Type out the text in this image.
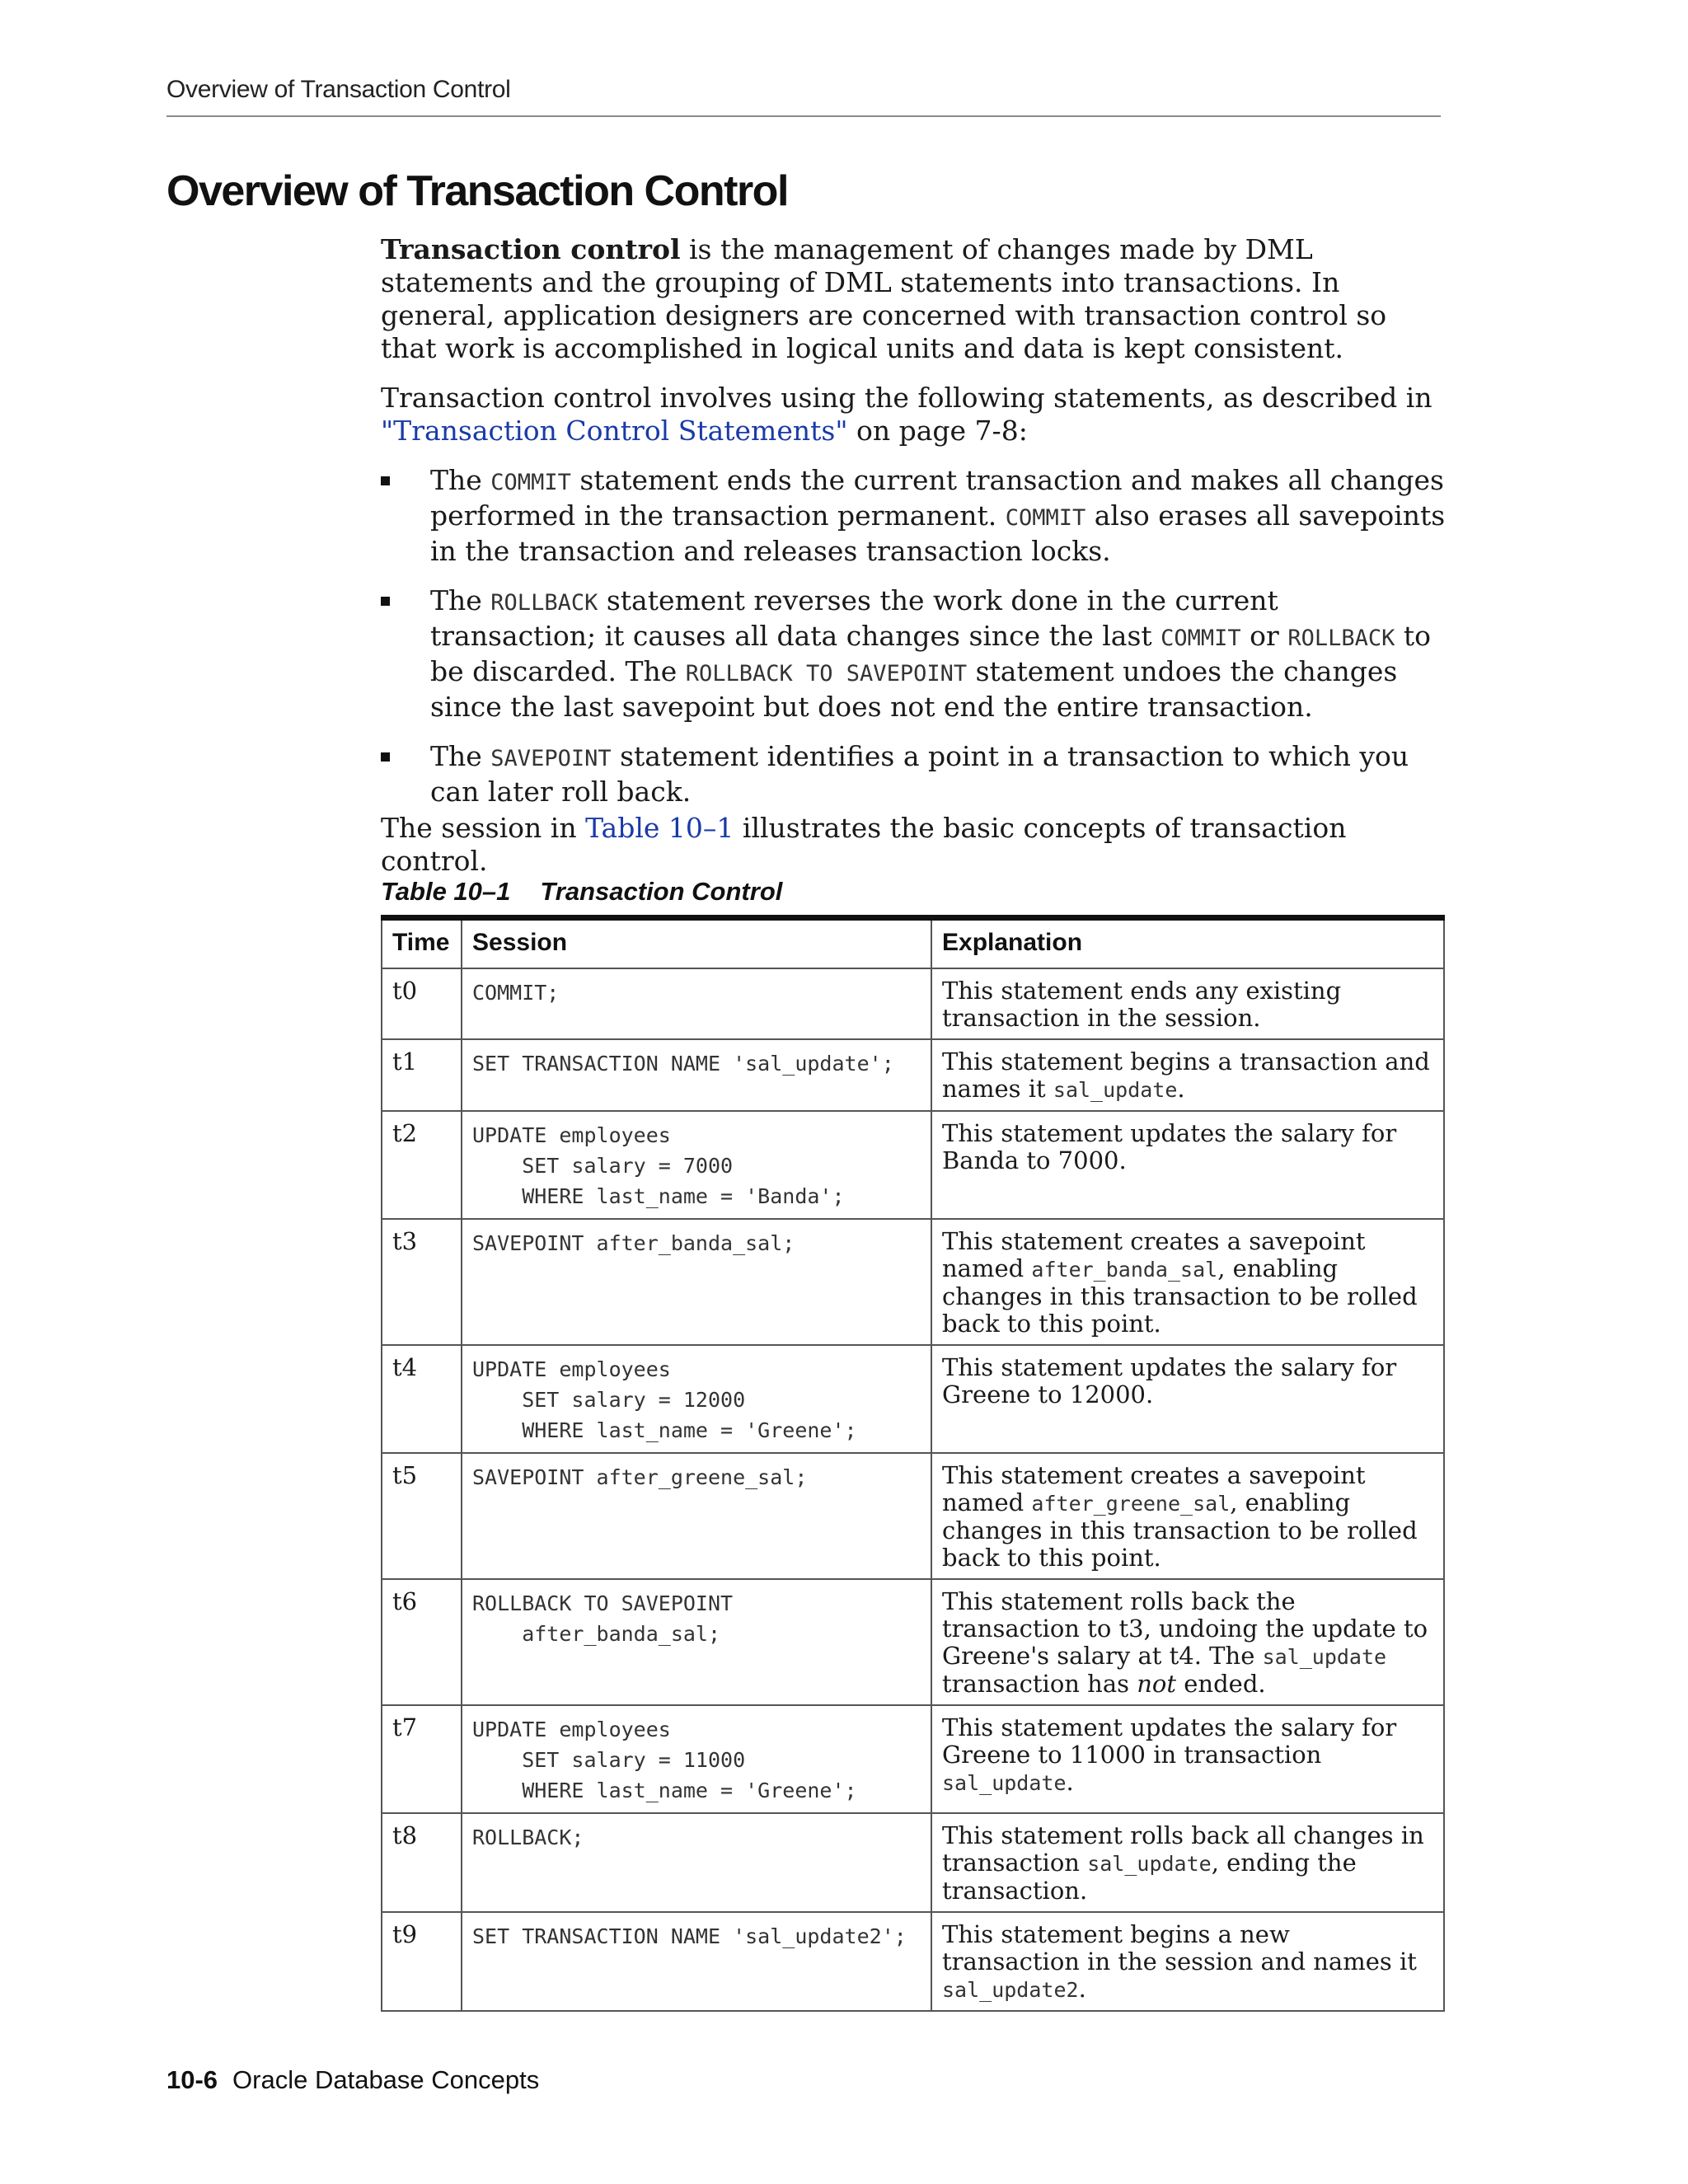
Overview of Transaction Control
Overview of Transaction Control
Transaction control is the management of changes made by DML statements and the grouping of DML statements into transactions. In general, application designers are concerned with transaction control so that work is accomplished in logical units and data is kept consistent.
Transaction control involves using the following statements, as described in "Transaction Control Statements" on page 7-8:
The COMMIT statement ends the current transaction and makes all changes performed in the transaction permanent. COMMIT also erases all savepoints in the transaction and releases transaction locks.
The ROLLBACK statement reverses the work done in the current transaction; it causes all data changes since the last COMMIT or ROLLBACK to be discarded. The ROLLBACK TO SAVEPOINT statement undoes the changes since the last savepoint but does not end the entire transaction.
The SAVEPOINT statement identifies a point in a transaction to which you can later roll back.
The session in Table 10–1 illustrates the basic concepts of transaction control.
Table 10–1 Transaction Control
Time	Session	Explanation
t0	COMMIT;	This statement ends any existing transaction in the session.
t1	SET TRANSACTION NAME 'sal_update';	This statement begins a transaction and names it sal_update.
t2	UPDATE employees
SET salary = 7000
WHERE last_name = 'Banda';	This statement updates the salary for Banda to 7000.
t3	SAVEPOINT after_banda_sal;	This statement creates a savepoint named after_banda_sal, enabling changes in this transaction to be rolled back to this point.
t4	UPDATE employees
SET salary = 12000
WHERE last_name = 'Greene';	This statement updates the salary for Greene to 12000.
t5	SAVEPOINT after_greene_sal;	This statement creates a savepoint named after_greene_sal, enabling changes in this transaction to be rolled back to this point.
t6	ROLLBACK TO SAVEPOINT
after_banda_sal;	This statement rolls back the transaction to t3, undoing the update to Greene's salary at t4. The sal_update transaction has not ended.
t7	UPDATE employees
SET salary = 11000
WHERE last_name = 'Greene';	This statement updates the salary for Greene to 11000 in transaction sal_update.
t8	ROLLBACK;	This statement rolls back all changes in transaction sal_update, ending the transaction.
t9	SET TRANSACTION NAME 'sal_update2';	This statement begins a new transaction in the session and names it sal_update2.
10-6 Oracle Database Concepts
